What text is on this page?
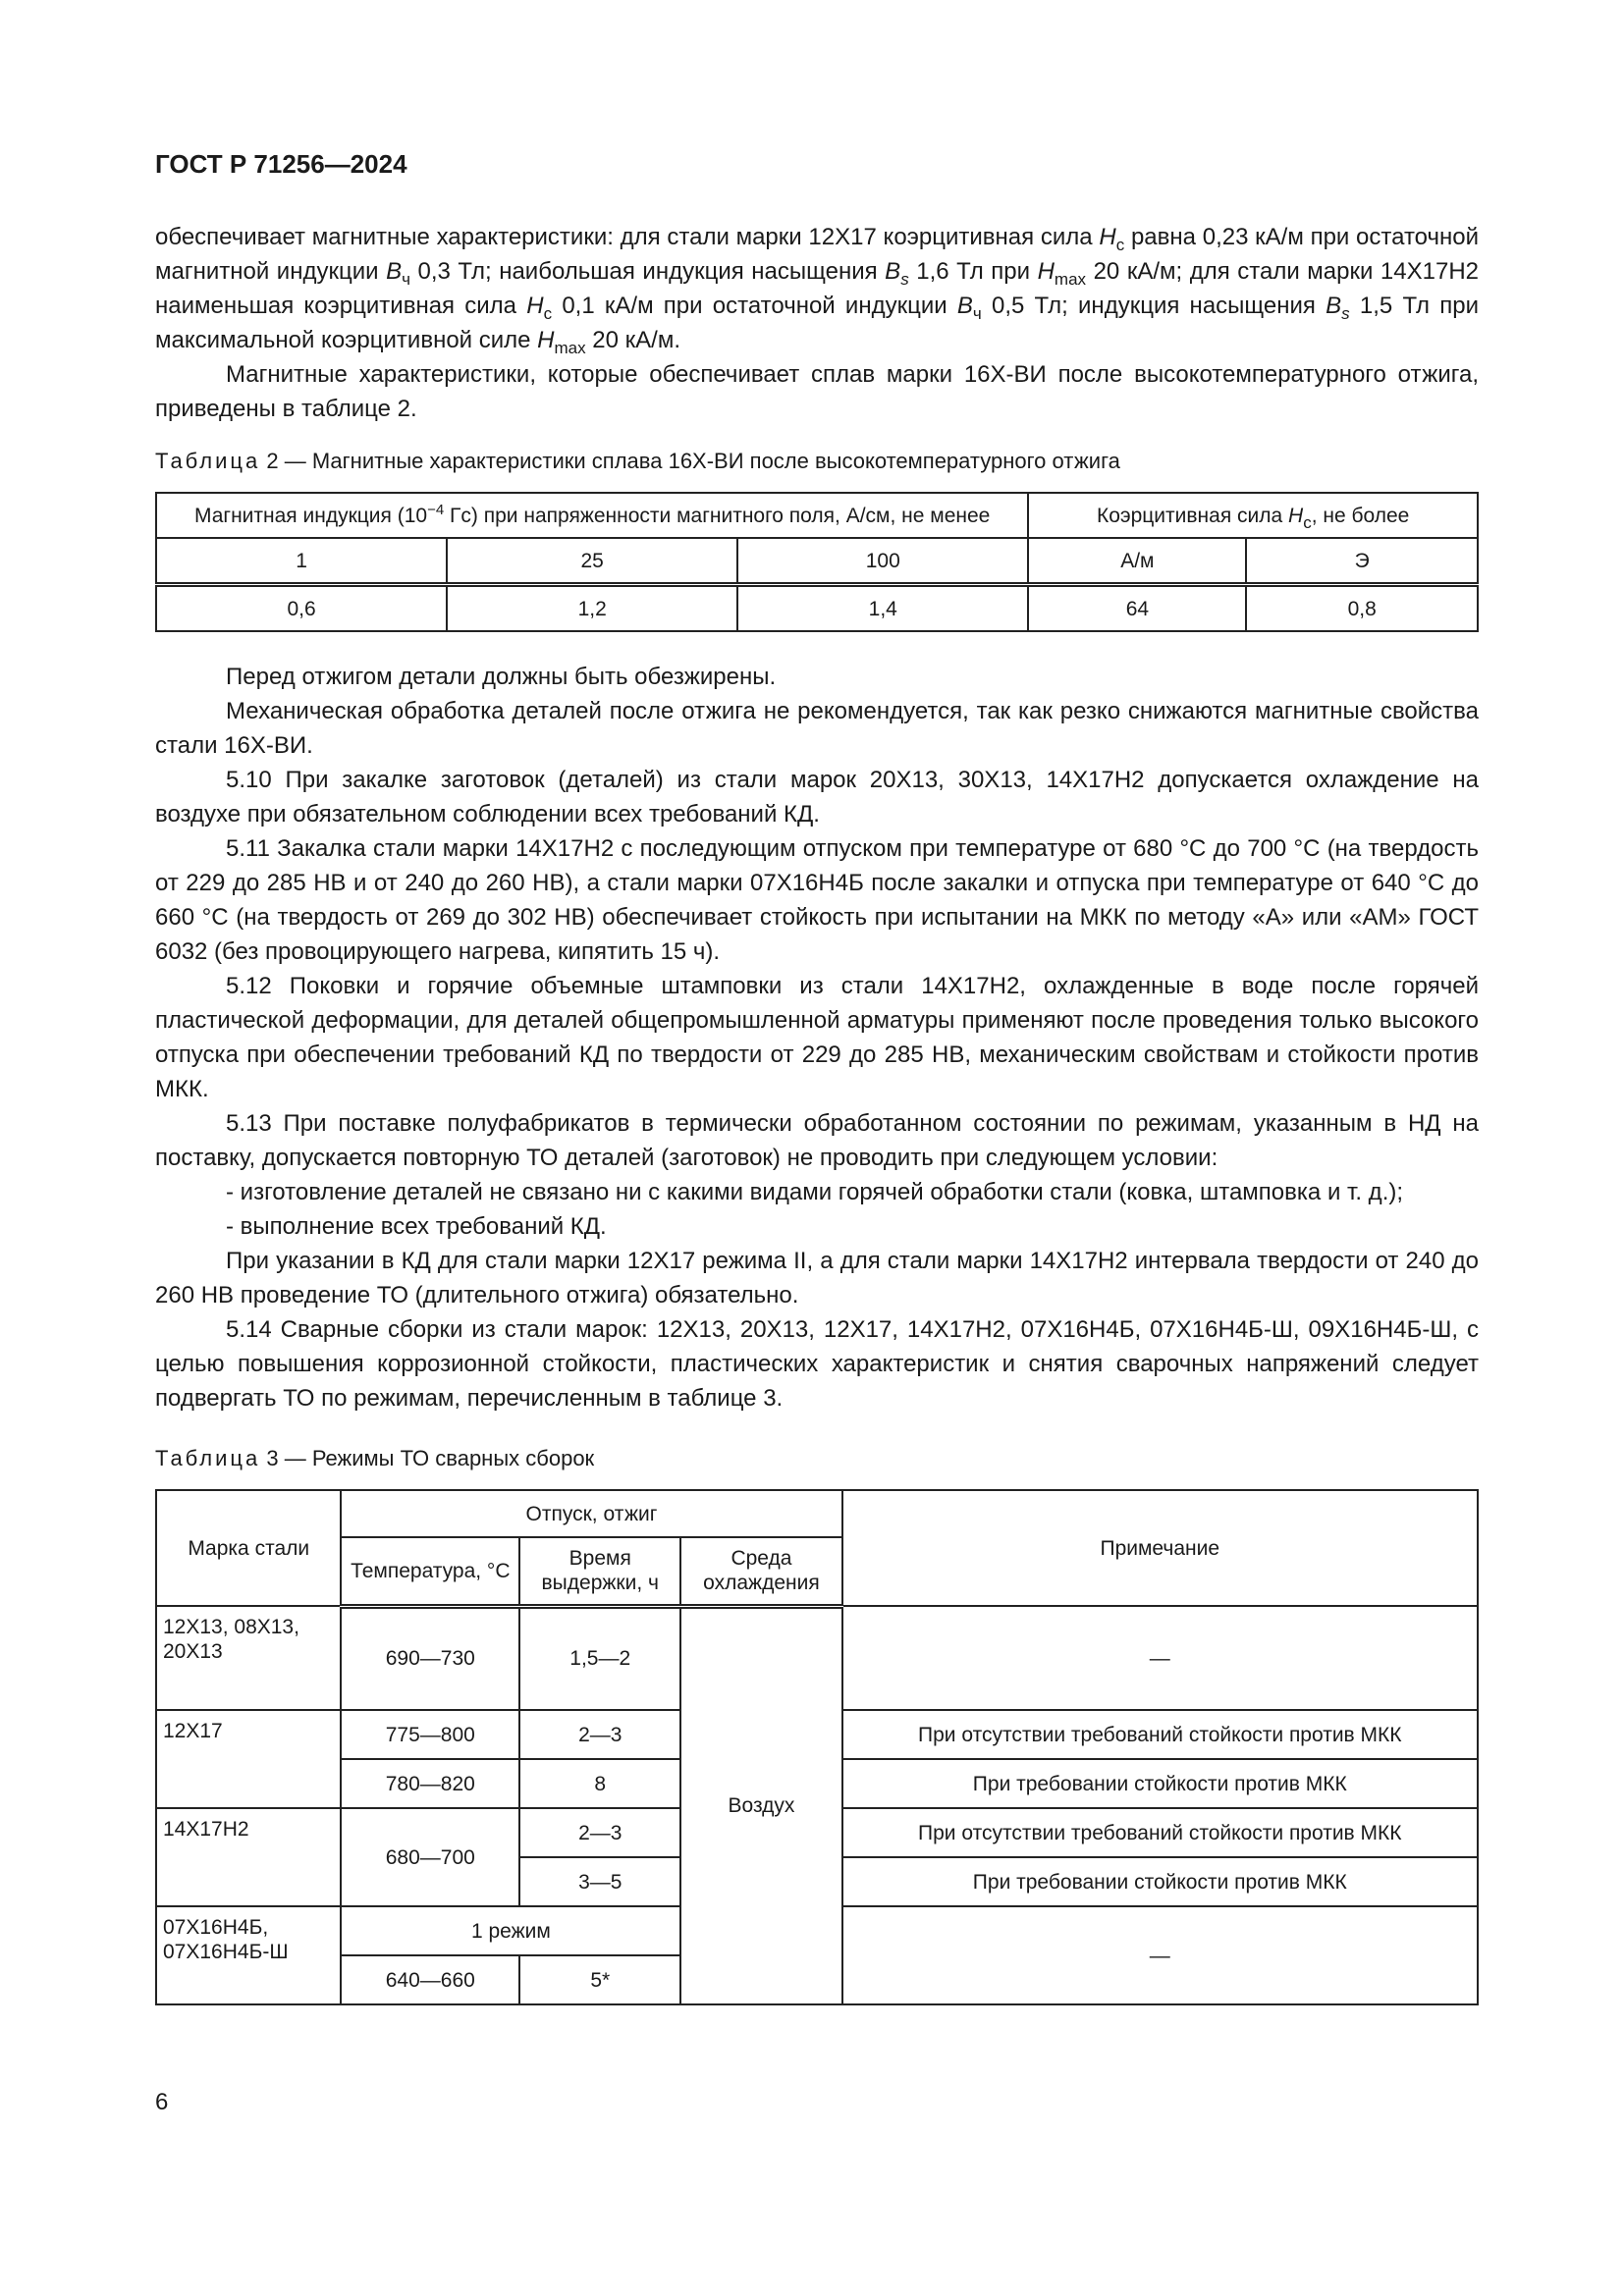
ГОСТ Р 71256—2024

обеспечивает магнитные характеристики: для стали марки 12Х17 коэрцитивная сила $H_c$ равна 0,23 кА/м при остаточной магнитной индукции $B_ч$ 0,3 Тл; наибольшая индукция насыщения $B_s$ 1,6 Тл при $H_{max}$ 20 кА/м; для стали марки 14Х17Н2 наименьшая коэрцитивная сила $H_c$ 0,1 кА/м при остаточной индукции $B_ч$ 0,5 Тл; индукция насыщения $B_s$ 1,5 Тл при максимальной коэрцитивной силе $H_{max}$ 20 кА/м.

Магнитные характеристики, которые обеспечивает сплав марки 16Х-ВИ после высокотемпературного отжига, приведены в таблице 2.

Таблица 2 — Магнитные характеристики сплава 16Х-ВИ после высокотемпературного отжига
Магнитная индукция ($10^{-4}$ Гс) при напряженности магнитного поля, А/см, не менее			Коэрцитивная сила $H_c$, не более	
1	25	100	А/м	Э
0,6	1,2	1,4	64	0,8

Перед отжигом детали должны быть обезжирены.

Механическая обработка деталей после отжига не рекомендуется, так как резко снижаются магнитные свойства стали 16Х-ВИ.

5.10 При закалке заготовок (деталей) из стали марок 20Х13, 30Х13, 14Х17Н2 допускается охлаждение на воздухе при обязательном соблюдении всех требований КД.

5.11 Закалка стали марки 14Х17Н2 с последующим отпуском при температуре от 680 °С до 700 °С (на твердость от 229 до 285 НВ и от 240 до 260 НВ), а стали марки 07Х16Н4Б после закалки и отпуска при температуре от 640 °С до 660 °С (на твердость от 269 до 302 НВ) обеспечивает стойкость при испытании на МКК по методу «А» или «АМ» ГОСТ 6032 (без провоцирующего нагрева, кипятить 15 ч).

5.12 Поковки и горячие объемные штамповки из стали 14Х17Н2, охлажденные в воде после горячей пластической деформации, для деталей общепромышленной арматуры применяют после проведения только высокого отпуска при обеспечении требований КД по твердости от 229 до 285 НВ, механическим свойствам и стойкости против МКК.

5.13 При поставке полуфабрикатов в термически обработанном состоянии по режимам, указанным в НД на поставку, допускается повторную ТО деталей (заготовок) не проводить при следующем условии:

- изготовление деталей не связано ни с какими видами горячей обработки стали (ковка, штамповка и т. д.);

- выполнение всех требований КД.

При указании в КД для стали марки 12Х17 режима II, а для стали марки 14Х17Н2 интервала твердости от 240 до 260 НВ проведение ТО (длительного отжига) обязательно.

5.14 Сварные сборки из стали марок: 12Х13, 20Х13, 12Х17, 14Х17Н2, 07Х16Н4Б, 07Х16Н4Б-Ш, 09Х16Н4Б-Ш, с целью повышения коррозионной стойкости, пластических характеристик и снятия сварочных напряжений следует подвергать ТО по режимам, перечисленным в таблице 3.

Таблица 3 — Режимы ТО сварных сборок
Марка стали	Отпуск, отжиг			Примечание
	Температура, °С	Время выдержки, ч	Среда охлаждения	
12Х13, 08Х13, 20Х13	690—730	1,5—2	Воздух	—
12Х17	775—800	2—3		При отсутствии требований стойкости против МКК
	780—820	8		При требовании стойкости против МКК
14Х17Н2	680—700	2—3		При отсутствии требований стойкости против МКК
		3—5		При требовании стойкости против МКК
07Х16Н4Б, 07Х16Н4Б-Ш	1 режим			—
	640—660	5*		
6
